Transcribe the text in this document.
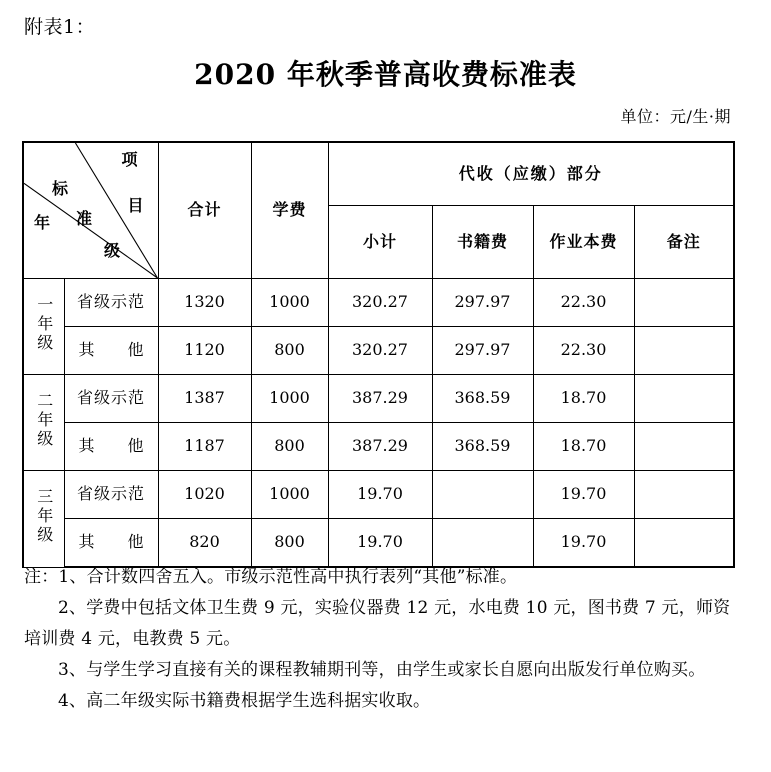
附表1：
2020 年秋季普高收费标准表
单位：元/生·期
项
目
标
准
年
级
	合计	学费	代收（应缴）部分
				小计	书籍费	作业本费	备注
一年级	省级示范	1320	1000	320.27	297.97	22.30	
	其他	1120	800	320.27	297.97	22.30	
二年级	省级示范	1387	1000	387.29	368.59	18.70	
	其他	1187	800	387.29	368.59	18.70	
三年级	省级示范	1020	1000	19.70		19.70	
	其他	820	800	19.70		19.70	
注：1、合计数四舍五入。市级示范性高中执行表列“其他”标准。
2、学费中包括文体卫生费 9 元，实验仪器费 12 元，水电费 10 元，图书费 7 元，师资培训费 4 元，电教费 5 元。
3、与学生学习直接有关的课程教辅期刊等，由学生或家长自愿向出版发行单位购买。
4、高二年级实际书籍费根据学生选科据实收取。
